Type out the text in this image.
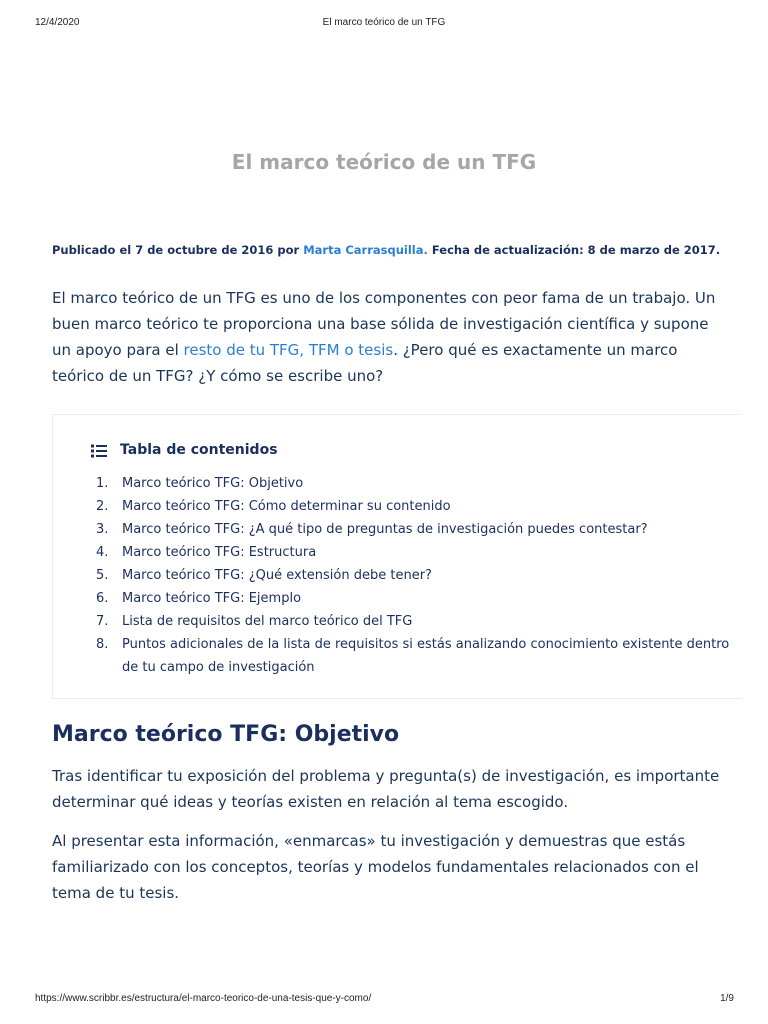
12/4/2020	El marco teórico de un TFG
El marco teórico de un TFG
Publicado el 7 de octubre de 2016 por Marta Carrasquilla. Fecha de actualización: 8 de marzo de 2017.

El marco teórico de un TFG es uno de los componentes con peor fama de un trabajo. Un buen marco teórico te proporciona una base sólida de investigación científica y supone un apoyo para el resto de tu TFG, TFM o tesis. ¿Pero qué es exactamente un marco teórico de un TFG? ¿Y cómo se escribe uno?

Tabla de contenidos
1. Marco teórico TFG: Objetivo
2. Marco teórico TFG: Cómo determinar su contenido
3. Marco teórico TFG: ¿A qué tipo de preguntas de investigación puedes contestar?
4. Marco teórico TFG: Estructura
5. Marco teórico TFG: ¿Qué extensión debe tener?
6. Marco teórico TFG: Ejemplo
7. Lista de requisitos del marco teórico del TFG
8. Puntos adicionales de la lista de requisitos si estás analizando conocimiento existente dentro de tu campo de investigación
Marco teórico TFG: Objetivo

Tras identificar tu exposición del problema y pregunta(s) de investigación, es importante determinar qué ideas y teorías existen en relación al tema escogido.

Al presentar esta información, «enmarcas» tu investigación y demuestras que estás familiarizado con los conceptos, teorías y modelos fundamentales relacionados con el tema de tu tesis.

https://www.scribbr.es/estructura/el-marco-teorico-de-una-tesis-que-y-como/	1/9
